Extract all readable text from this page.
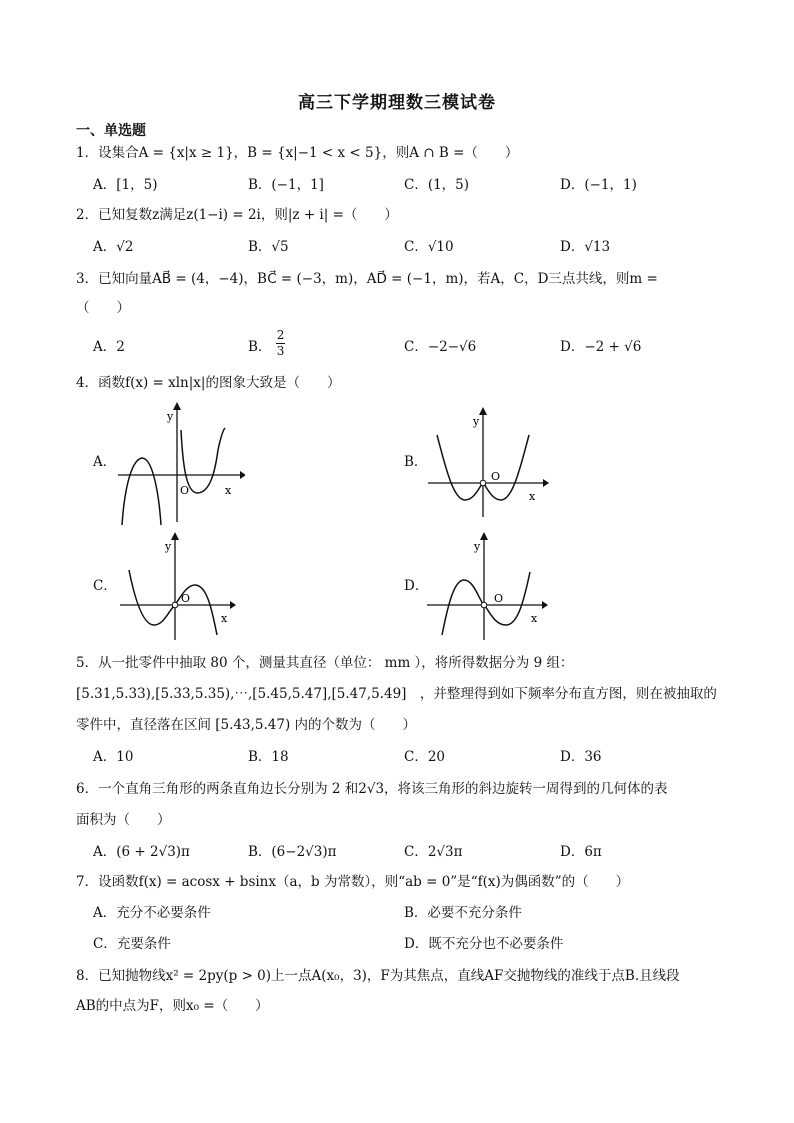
高三下学期理数三模试卷
一、单选题
1．设集合A = {x|x ≥ 1}，B = {x|−1 < x < 5}，则A ∩ B =（　　）
A．[1，5)	B．(−1，1]	C．(1，5)	D．(−1，1)
2．已知复数z满足z(1−i) = 2i，则|z + i| =（　　）
A．√2	B．√5	C．√10	D．√13
3．已知向量AB⃗ = (4，−4)，BC⃗ = (−3，m)，AD⃗ = (−1，m)，若A，C，D三点共线，则m =
（　　）
A．2	B． $\frac{2}{3}$	C．−2−√6	D．−2 + √6
4．函数f(x) = xln|x|的图象大致是（　　）
A．
x
y
O
B．
x
y
O
C．
x
y
O
D．
x
y
O
5．从一批零件中抽取 80 个，测量其直径（单位： mm ），将所得数据分为 9 组：
[5.31,5.33),[5.33,5.35),⋯,[5.45,5.47],[5.47,5.49]　，并整理得到如下频率分布直方图，则在被抽取的
零件中，直径落在区间 [5.43,5.47) 内的个数为（　　）
A．10	B．18	C．20	D．36
6．一个直角三角形的两条直角边长分别为 2 和2√3，将该三角形的斜边旋转一周得到的几何体的表
面积为（　　）
A．(6 + 2√3)π	B．(6−2√3)π	C．2√3π	D．6π
7．设函数f(x) = acosx + bsinx（a，b 为常数），则“ab = 0”是“f(x)为偶函数”的（　　）
A．充分不必要条件	B．必要不充分条件
C．充要条件	D．既不充分也不必要条件
8．已知抛物线x² = 2py(p > 0)上一点A(x₀，3)，F为其焦点，直线AF交抛物线的准线于点B.且线段
AB的中点为F，则x₀ =（　　）
